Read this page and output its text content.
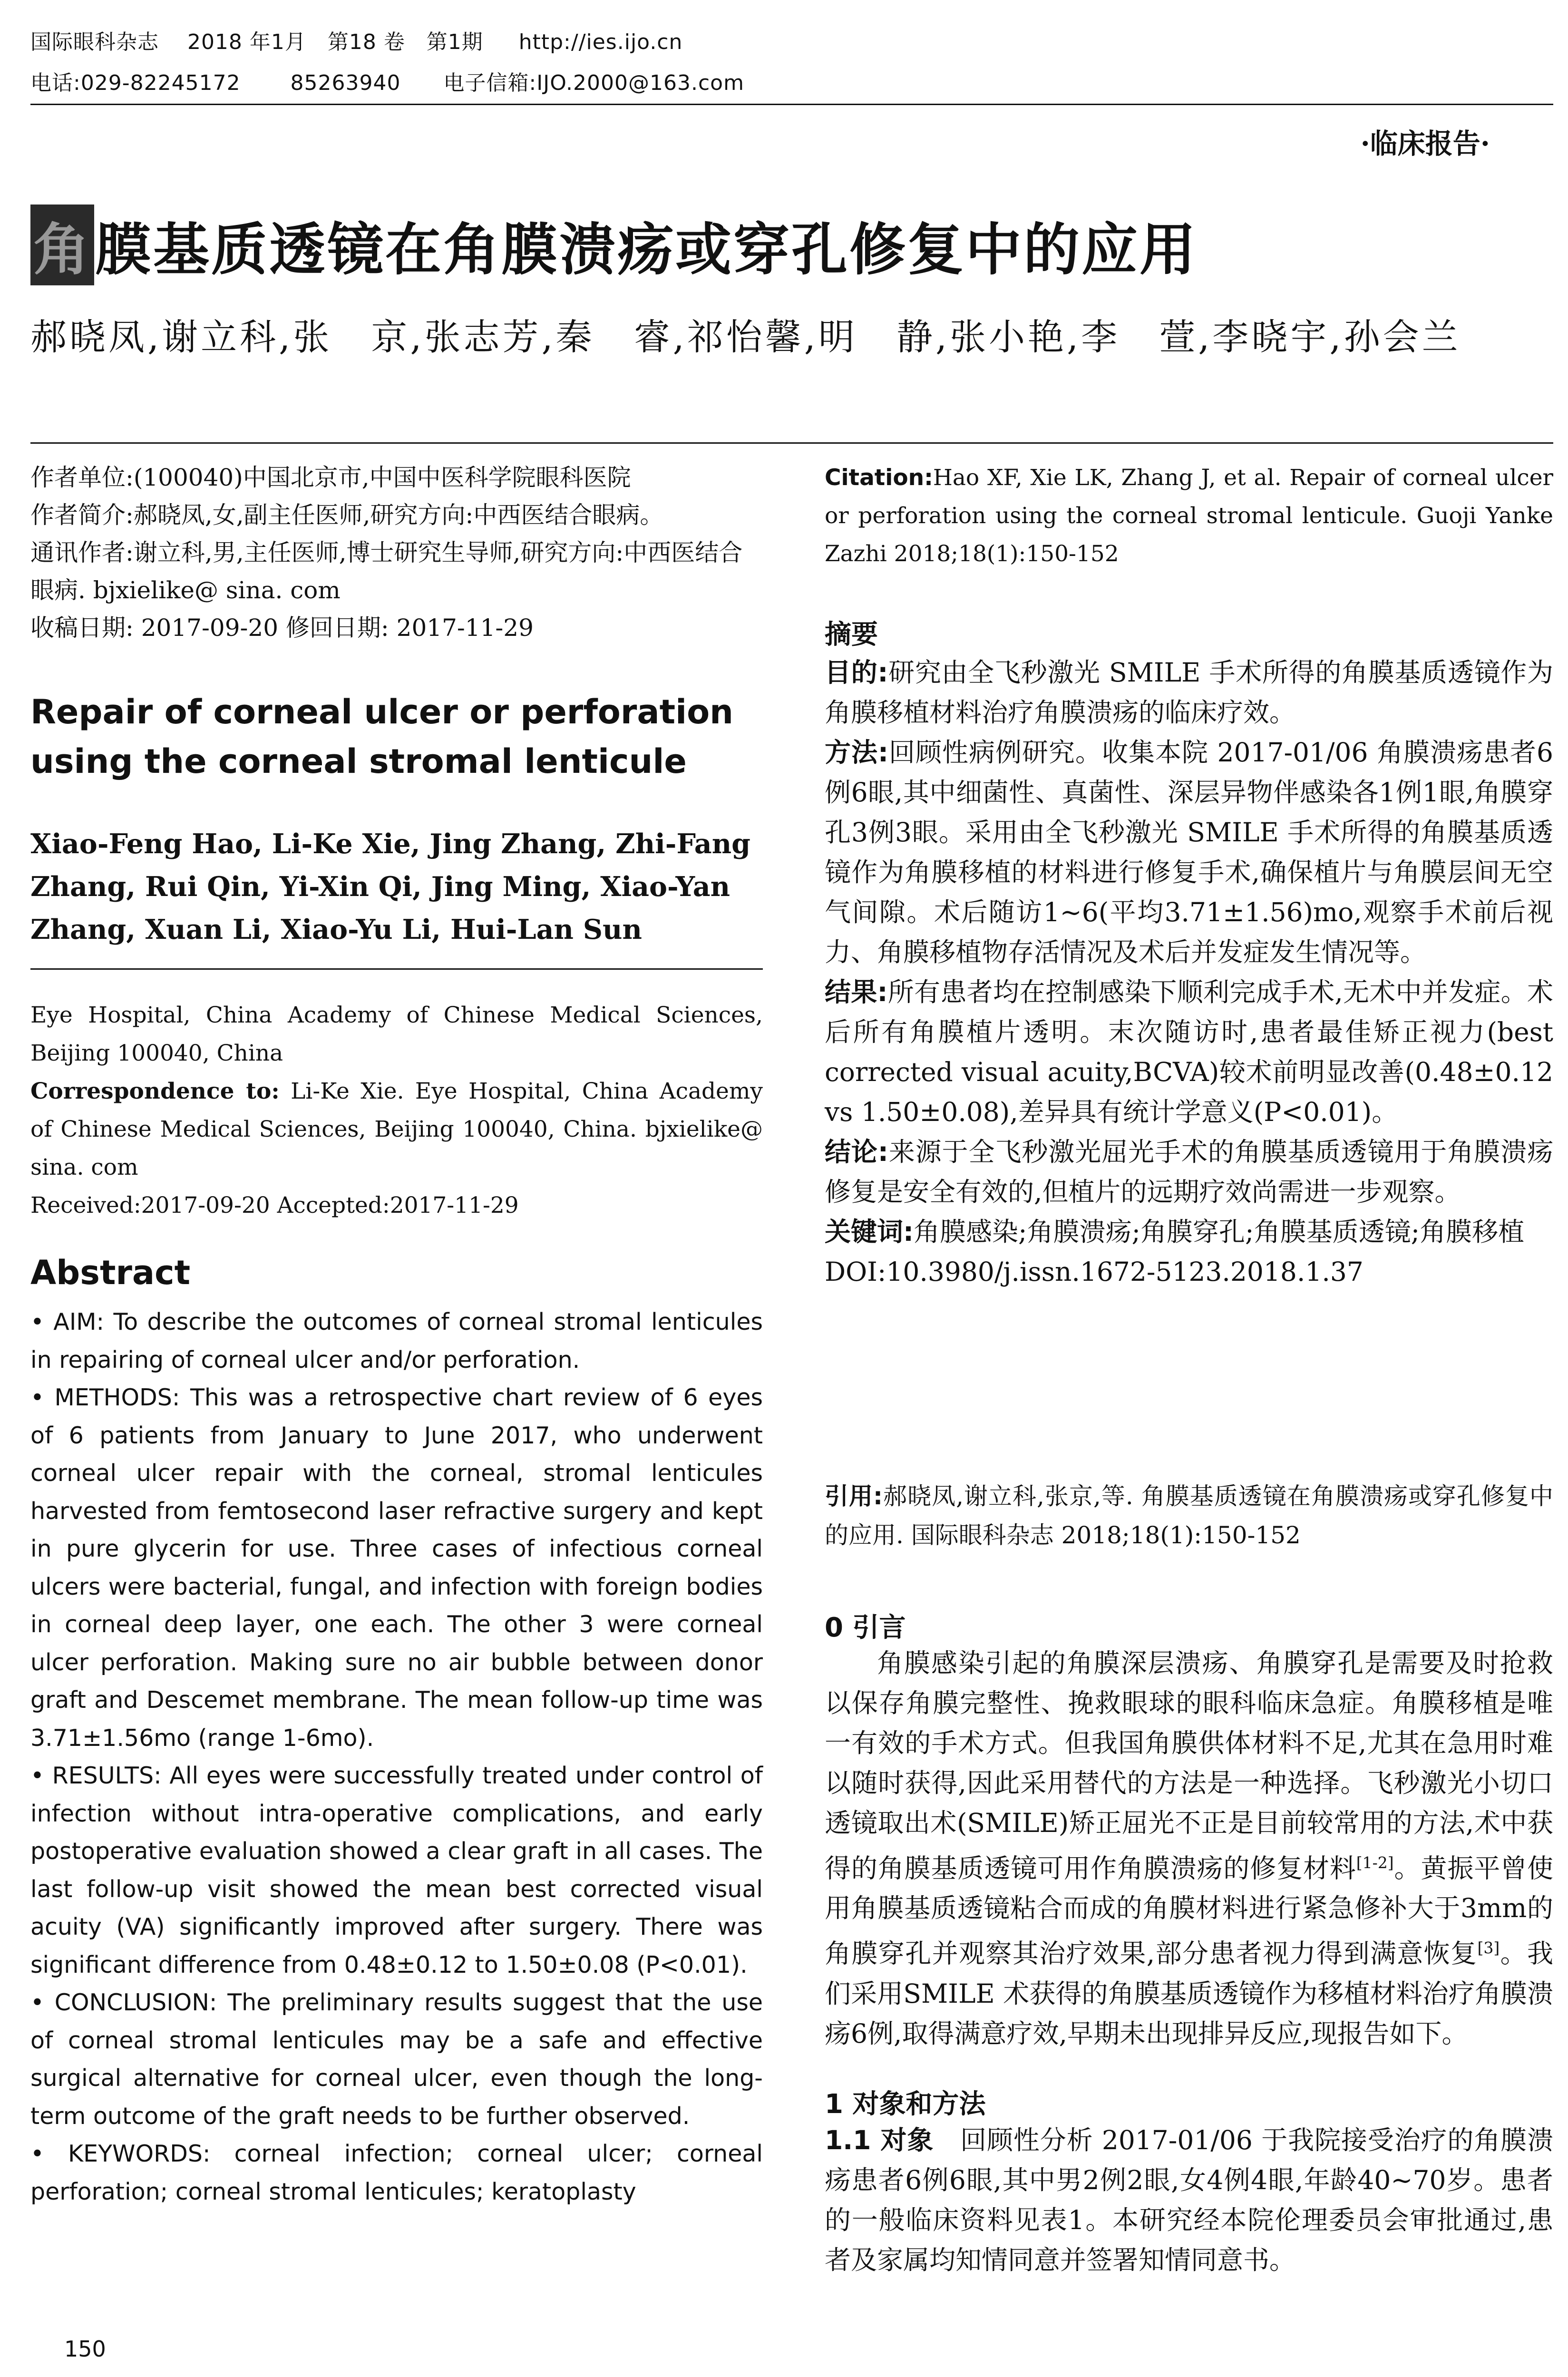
国际眼科杂志    2018 年1月   第18 卷   第1期     http://ies.ijo.cn
电话:029-82245172       85263940      电子信箱:IJO.2000@163.com
·临床报告·
角 膜基质透镜在角膜溃疡或穿孔修复中的应用
郝晓凤,谢立科,张　京,张志芳,秦　睿,祁怡馨,明　静,张小艳,李　萱,李晓宇,孙会兰

作者单位:(100040)中国北京市,中国中医科学院眼科医院

作者简介:郝晓凤,女,副主任医师,研究方向:中西医结合眼病。

通讯作者:谢立科,男,主任医师,博士研究生导师,研究方向:中西医结合眼病. bjxielike@ sina. com

收稿日期: 2017-09-20 修回日期: 2017-11-29

Repair of corneal ulcer or perforation using the corneal stromal lenticule
Xiao-Feng Hao, Li-Ke Xie, Jing Zhang, Zhi-Fang Zhang, Rui Qin, Yi-Xin Qi, Jing Ming, Xiao-Yan Zhang, Xuan Li, Xiao-Yu Li, Hui-Lan Sun

Eye Hospital, China Academy of Chinese Medical Sciences, Beijing 100040, China

Correspondence to: Li-Ke Xie. Eye Hospital, China Academy of Chinese Medical Sciences, Beijing 100040, China. bjxielike@ sina. com

Received:2017-09-20 Accepted:2017-11-29

Abstract

• AIM: To describe the outcomes of corneal stromal lenticules in repairing of corneal ulcer and/or perforation.

• METHODS: This was a retrospective chart review of 6 eyes of 6 patients from January to June 2017, who underwent corneal ulcer repair with the corneal, stromal lenticules harvested from femtosecond laser refractive surgery and kept in pure glycerin for use. Three cases of infectious corneal ulcers were bacterial, fungal, and infection with foreign bodies in corneal deep layer, one each. The other 3 were corneal ulcer perforation. Making sure no air bubble between donor graft and Descemet membrane. The mean follow-up time was 3.71±1.56mo (range 1-6mo).

• RESULTS: All eyes were successfully treated under control of infection without intra-operative complications, and early postoperative evaluation showed a clear graft in all cases. The last follow-up visit showed the mean best corrected visual acuity (VA) significantly improved after surgery. There was significant difference from 0.48±0.12 to 1.50±0.08 (P<0.01).

• CONCLUSION: The preliminary results suggest that the use of corneal stromal lenticules may be a safe and effective surgical alternative for corneal ulcer, even though the long-term outcome of the graft needs to be further observed.

• KEYWORDS: corneal infection; corneal ulcer; corneal perforation; corneal stromal lenticules; keratoplasty

150

Citation:Hao XF, Xie LK, Zhang J, et al. Repair of corneal ulcer or perforation using the corneal stromal lenticule. Guoji Yanke Zazhi 2018;18(1):150-152

摘要

目的:研究由全飞秒激光 SMILE 手术所得的角膜基质透镜作为角膜移植材料治疗角膜溃疡的临床疗效。

方法:回顾性病例研究。收集本院 2017-01/06 角膜溃疡患者6例6眼,其中细菌性、真菌性、深层异物伴感染各1例1眼,角膜穿孔3例3眼。采用由全飞秒激光 SMILE 手术所得的角膜基质透镜作为角膜移植的材料进行修复手术,确保植片与角膜层间无空气间隙。术后随访1~6(平均3.71±1.56)mo,观察手术前后视力、角膜移植物存活情况及术后并发症发生情况等。

结果:所有患者均在控制感染下顺利完成手术,无术中并发症。术后所有角膜植片透明。末次随访时,患者最佳矫正视力(best corrected visual acuity,BCVA)较术前明显改善(0.48±0.12 vs 1.50±0.08),差异具有统计学意义(P<0.01)。

结论:来源于全飞秒激光屈光手术的角膜基质透镜用于角膜溃疡修复是安全有效的,但植片的远期疗效尚需进一步观察。

关键词:角膜感染;角膜溃疡;角膜穿孔;角膜基质透镜;角膜移植

DOI:10.3980/j.issn.1672-5123.2018.1.37

引用:郝晓凤,谢立科,张京,等. 角膜基质透镜在角膜溃疡或穿孔修复中的应用. 国际眼科杂志 2018;18(1):150-152

0 引言

角膜感染引起的角膜深层溃疡、角膜穿孔是需要及时抢救以保存角膜完整性、挽救眼球的眼科临床急症。角膜移植是唯一有效的手术方式。但我国角膜供体材料不足,尤其在急用时难以随时获得,因此采用替代的方法是一种选择。飞秒激光小切口透镜取出术(SMILE)矫正屈光不正是目前较常用的方法,术中获得的角膜基质透镜可用作角膜溃疡的修复材料[1-2]。黄振平曾使用角膜基质透镜粘合而成的角膜材料进行紧急修补大于3mm的角膜穿孔并观察其治疗效果,部分患者视力得到满意恢复[3]。我们采用SMILE 术获得的角膜基质透镜作为移植材料治疗角膜溃疡6例,取得满意疗效,早期未出现排异反应,现报告如下。

1 对象和方法

1.1 对象　回顾性分析 2017-01/06 于我院接受治疗的角膜溃疡患者6例6眼,其中男2例2眼,女4例4眼,年龄40~70岁。患者的一般临床资料见表1。本研究经本院伦理委员会审批通过,患者及家属均知情同意并签署知情同意书。
